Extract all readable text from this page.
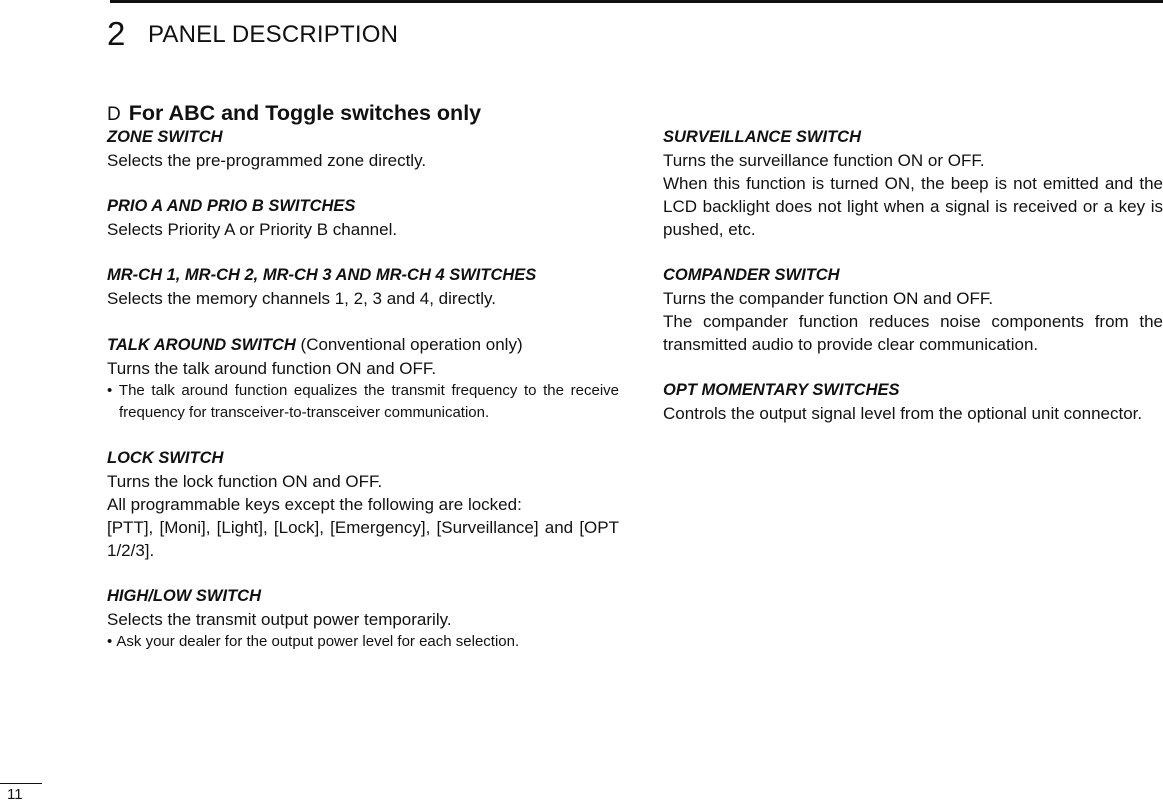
2 PANEL DESCRIPTION
D For ABC and Toggle switches only
ZONE SWITCH
Selects the pre-programmed zone directly.
PRIO A AND PRIO B SWITCHES
Selects Priority A or Priority B channel.
MR-CH 1, MR-CH 2, MR-CH 3 AND MR-CH 4 SWITCHES
Selects the memory channels 1, 2, 3 and 4, directly.
TALK AROUND SWITCH (Conventional operation only)
Turns the talk around function ON and OFF.
• The talk around function equalizes the transmit frequency to the receive frequency for transceiver-to-transceiver communication.
LOCK SWITCH
Turns the lock function ON and OFF.
All programmable keys except the following are locked:
[PTT], [Moni], [Light], [Lock], [Emergency], [Surveillance] and [OPT 1/2/3].
HIGH/LOW SWITCH
Selects the transmit output power temporarily.
• Ask your dealer for the output power level for each selection.
SURVEILLANCE SWITCH
Turns the surveillance function ON or OFF.
When this function is turned ON, the beep is not emitted and the LCD backlight does not light when a signal is received or a key is pushed, etc.
COMPANDER SWITCH
Turns the compander function ON and OFF.
The compander function reduces noise components from the transmitted audio to provide clear communication.
OPT MOMENTARY SWITCHES
Controls the output signal level from the optional unit connector.
11
